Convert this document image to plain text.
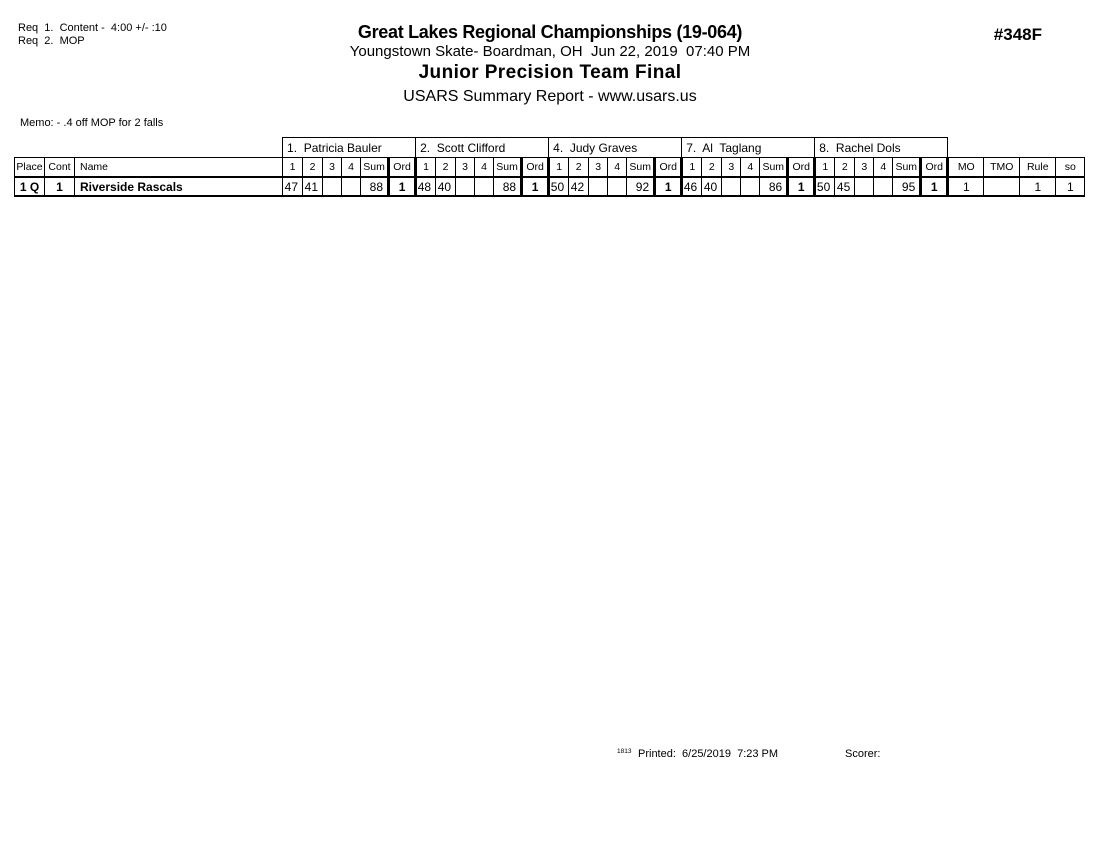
Req  1.  Content -  4:00 +/- :10
Req  2.  MOP	Great Lakes Regional Championships (19-064)
Youngstown Skate- Boardman, OH  Jun 22, 2019  07:40 PM
Junior Precision Team Final
USARS Summary Report - www.usars.us
#348F
Memo: - .4 off MOP for 2 falls
			1.  Patricia Bauler						2.  Scott Clifford						4.  Judy Graves						7.  Al  Taglang						8.  Rachel Dols									
Place	Cont	Name	1	2	3	4	Sum	Ord	1	2	3	4	Sum	Ord	1	2	3	4	Sum	Ord	1	2	3	4	Sum	Ord	1	2	3	4	Sum	Ord	MO	TMO	Rule	so
1 Q	1	Riverside Rascals	47	41			88	1	48	40			88	1	50	42			92	1	46	40			86	1	50	45			95	1	1		1	1
1813 Printed:  6/25/2019  7:23 PM	Scorer:
